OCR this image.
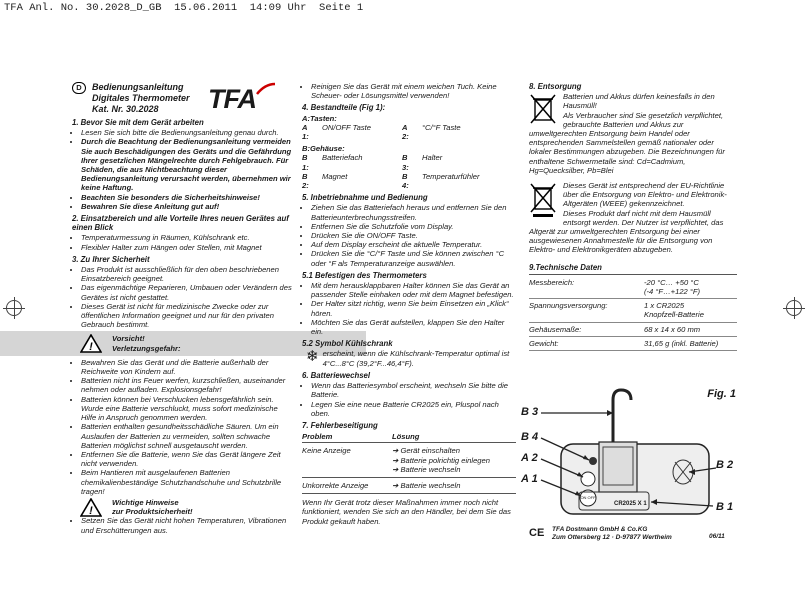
TFA Anl. No. 30.2028_D_GB  15.06.2011  14:09 Uhr  Seite 1
D	Bedienungsanleitung
Digitales Thermometer
Kat. Nr. 30.2028
1. Bevor Sie mit dem Gerät arbeiten
• Lesen Sie sich bitte die Bedienungsanleitung genau durch.
• Durch die Beachtung der Bedienungsanleitung vermeiden Sie auch Beschädigungen des Geräts und die Gefährdung Ihrer gesetzlichen Mängelrechte durch Fehlgebrauch. Für Schäden, die aus Nichtbeachtung dieser Bedienungsanleitung verursacht werden, übernehmen wir keine Haftung.
• Beachten Sie besonders die Sicherheitshinweise!
• Bewahren Sie diese Anleitung gut auf!
2. Einsatzbereich und alle Vorteile Ihres neuen Gerätes auf einen Blick
• Temperaturmessung in Räumen, Kühlschrank etc.
• Flexibler Halter zum Hängen oder Stellen, mit Magnet
3. Zu Ihrer Sicherheit
• Das Produkt ist ausschließlich für den oben beschriebenen Einsatzbereich geeignet.
• Das eigenmächtige Reparieren, Umbauen oder Verändern des Gerätes ist nicht gestattet.
• Dieses Gerät ist nicht für medizinische Zwecke oder zur öffentlichen Information geeignet und nur für den privaten Gebrauch bestimmt.
!
Vorsicht!
Verletzungsgefahr:
• Bewahren Sie das Gerät und die Batterie außerhalb der Reichweite von Kindern auf.
• Batterien nicht ins Feuer werfen, kurzschließen, auseinander nehmen oder aufladen. Explosionsgefahr!
• Batterien können bei Verschlucken lebensgefährlich sein. Wurde eine Batterie verschluckt, muss sofort medizinische Hilfe in Anspruch genommen werden.
• Batterien enthalten gesundheitsschädliche Säuren. Um ein Auslaufen der Batterien zu vermeiden, sollten schwache Batterien möglichst schnell ausgetauscht werden.
• Entfernen Sie die Batterie, wenn Sie das Gerät längere Zeit nicht verwenden.
• Beim Hantieren mit ausgelaufenen Batterien chemikalienbeständige Schutzhandschuhe und Schutzbrille tragen!
!
Wichtige Hinweise
zur Produktsicherheit!
• Setzen Sie das Gerät nicht hohen Temperaturen, Vibrationen und Erschütterungen aus.
TFA
•	Reinigen Sie das Gerät mit einem weichen Tuch. Keine Scheuer- oder Lösungsmittel verwenden!
4. Bestandteile (Fig 1):
A:Tasten:
A 1:
ON/OFF Taste	A 2:
°C/°F Taste
B:Gehäuse:
B 1:
Batteriefach	B 3:
Halter
B 2:
Magnet	B 4:
Temperaturfühler
5. Inbetriebnahme und Bedienung
• Ziehen Sie das Batteriefach heraus und entfernen Sie den Batterieunterbrechungsstreifen.
• Entfernen Sie die Schutzfolie vom Display.
• Drücken Sie die ON/OFF Taste.
• Auf dem Display erscheint die aktuelle Temperatur.
• Drücken Sie die °C/°F Taste und Sie können zwischen °C oder °F als Temperaturanzeige auswählen.
5.1 Befestigen des Thermometers
• Mit dem herausklappbaren Halter können Sie das Gerät an passender Stelle einhaken oder mit dem Magnet befestigen.
• Der Halter sitzt richtig, wenn Sie beim Einsetzen ein „Klick“ hören.
• Möchten Sie das Gerät aufstellen, klappen Sie den Halter ein.
5.2 Symbol Kühlschrank
❄ erscheint, wenn die Kühlschrank-Temperatur optimal ist 4°C...8°C (39,2°F...46,4°F).
6. Batteriewechsel
• Wenn das Batteriesymbol erscheint, wechseln Sie bitte die Batterie.
• Legen Sie eine neue Batterie CR2025 ein, Pluspol nach oben.
7. Fehlerbeseitigung
Problem	Lösung
Keine Anzeige	➔ Gerät einschalten
➔ Batterie polrichtig einlegen
➔ Batterie wechseln
Unkorrekte Anzeige	➔ Batterie wechseln

Wenn Ihr Gerät trotz dieser Maßnahmen immer noch nicht funktioniert, wenden Sie sich an den Händler, bei dem Sie das Produkt gekauft haben.

8. Entsorgung

Batterien und Akkus dürfen keinesfalls in den Hausmüll!

Als Verbraucher sind Sie gesetzlich verpflichtet, gebrauchte Batterien und Akkus zur umweltgerechten Entsorgung beim Handel oder entsprechenden Sammelstellen gemäß nationaler oder lokaler Bestimmungen abzugeben. Die Bezeichnungen für enthaltene Schwermetalle sind: Cd=Cadmium, Hg=Quecksilber, Pb=Blei

Dieses Gerät ist entsprechend der EU-Richtlinie über die Entsorgung von Elektro- und Elektronik-Altgeräten (WEEE) gekennzeichnet.

Dieses Produkt darf nicht mit dem Hausmüll entsorgt werden. Der Nutzer ist verpflichtet, das Altgerät zur umweltgerechten Entsorgung bei einer ausgewiesenen Annahmestelle für die Entsorgung von Elektro- und Elektronikgeräten abzugeben.

9.Technische Daten
Messbereich:	-20 °C… +50 °C
(-4 °F…+122 °F)
Spannungsversorgung:	1 x CR2025
Knopfzell-Batterie
Gehäusemaße:	68 x 14 x 60 mm
Gewicht:	31,65 g (inkl. Batterie)
Fig. 1
B 3
B 4
A 2
A 1
B 2
B 1
CR2025 X 1
ON OFF
CE TFA Dostmann GmbH & Co.KG
Zum Ottersberg 12 · D-97877 Wertheim	06/11
